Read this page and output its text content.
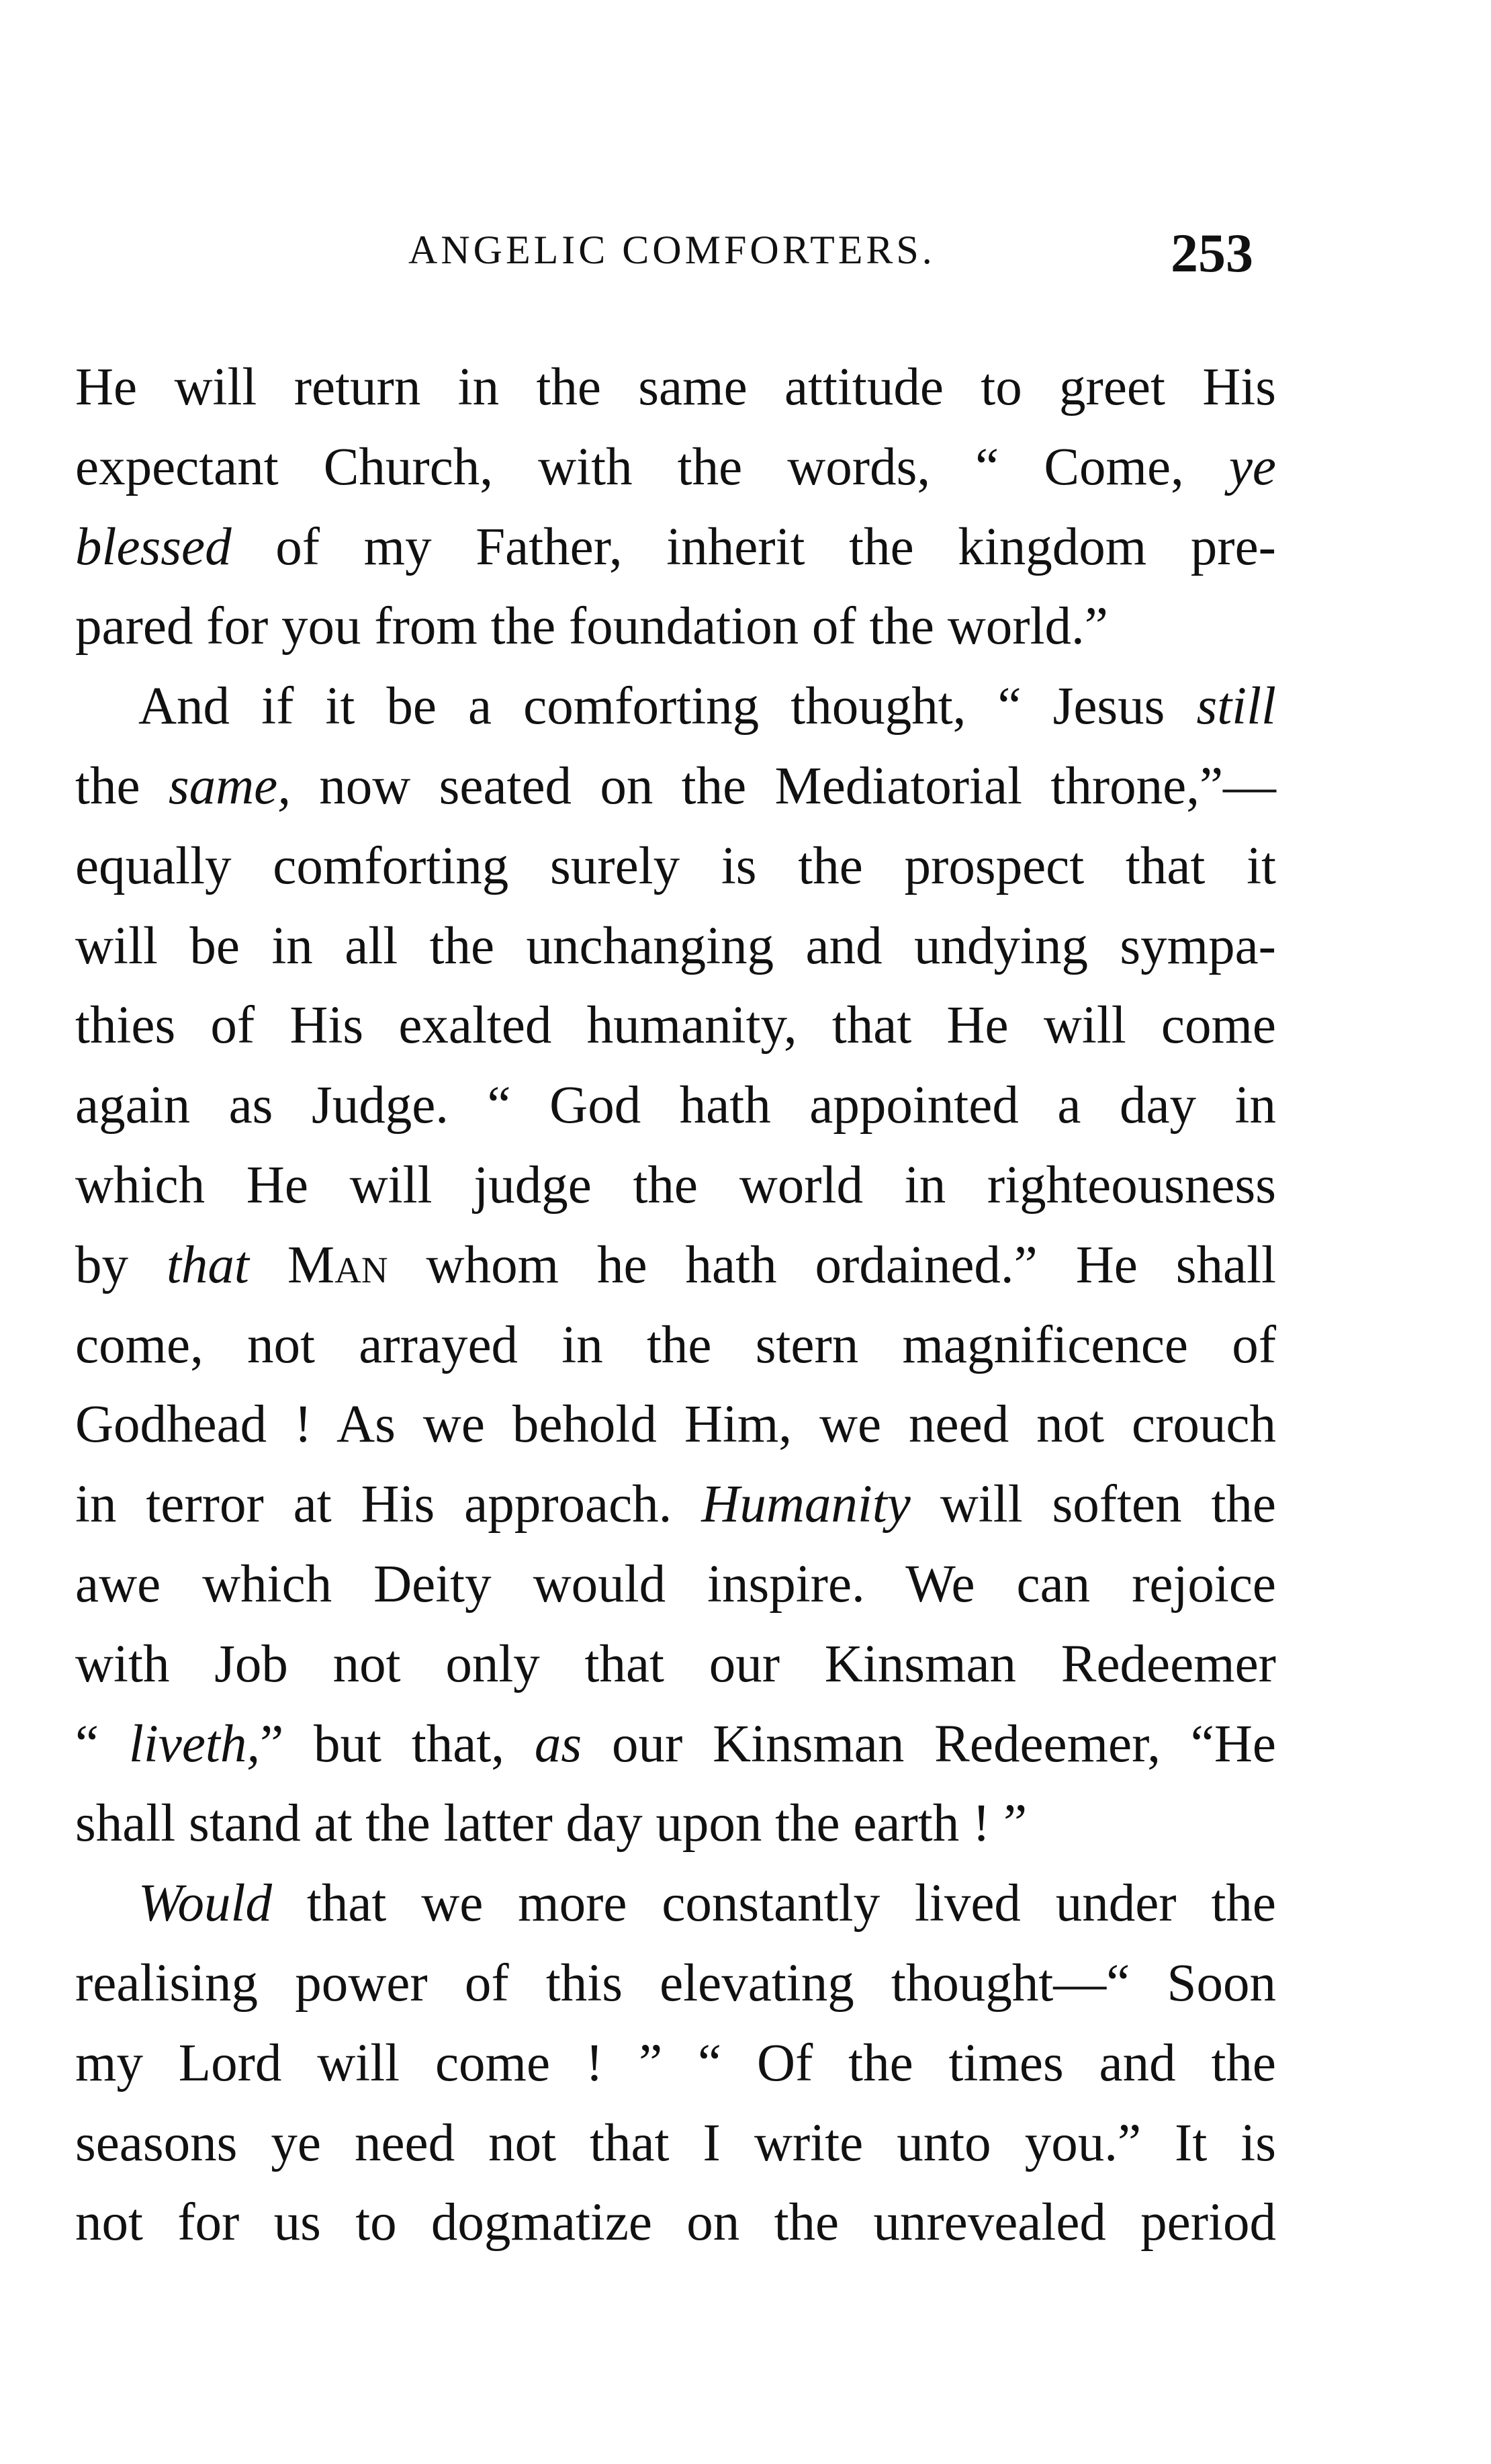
ANGELIC COMFORTERS.	253
He will return in the same attitude to greet His
expectant Church, with the words, “ Come, ye
blessed of my Father, inherit the kingdom pre-
pared for you from the foundation of the world.”
And if it be a comforting thought, “ Jesus still
the same, now seated on the Mediatorial throne,”—
equally comforting surely is the prospect that it
will be in all the unchanging and undying sympa-
thies of His exalted humanity, that He will come
again as Judge. “ God hath appointed a day in
which He will judge the world in righteousness
by that Man whom he hath ordained.” He shall
come, not arrayed in the stern magnificence of
Godhead ! As we behold Him, we need not crouch
in terror at His approach. Humanity will soften the
awe which Deity would inspire. We can rejoice
with Job not only that our Kinsman Redeemer
“ liveth,” but that, as our Kinsman Redeemer, “He
shall stand at the latter day upon the earth ! ”
Would that we more constantly lived under the
realising power of this elevating thought—“ Soon
my Lord will come ! ” “ Of the times and the
seasons ye need not that I write unto you.” It is
not for us to dogmatize on the unrevealed period
